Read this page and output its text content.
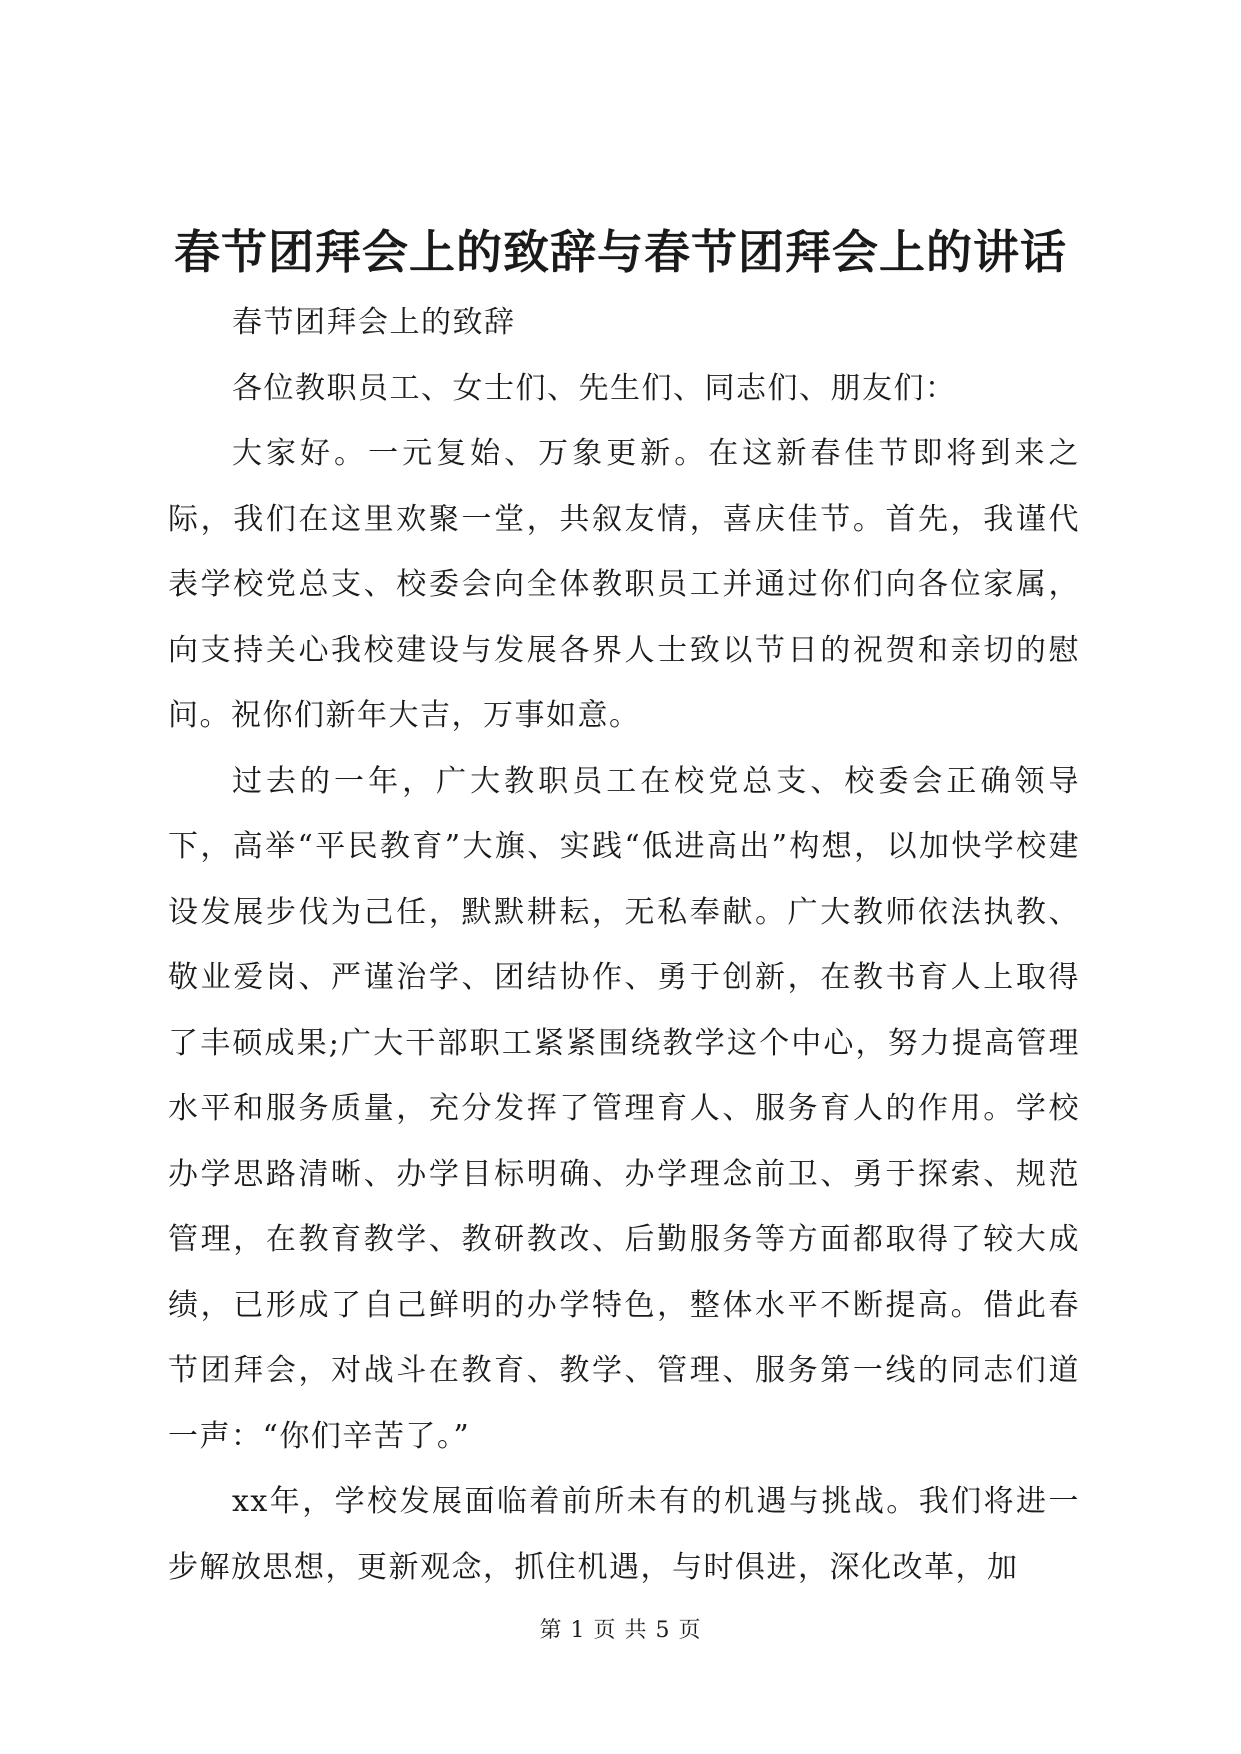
春节团拜会上的致辞与春节团拜会上的讲话

春节团拜会上的致辞

各位教职员工、女士们、先生们、同志们、朋友们：

大家好。一元复始、万象更新。在这新春佳节即将到来之际，我们在这里欢聚一堂，共叙友情，喜庆佳节。首先，我谨代表学校党总支、校委会向全体教职员工并通过你们向各位家属，向支持关心我校建设与发展各界人士致以节日的祝贺和亲切的慰问。祝你们新年大吉，万事如意。

过去的一年，广大教职员工在校党总支、校委会正确领导下，高举“平民教育”大旗、实践“低进高出”构想，以加快学校建设发展步伐为己任，默默耕耘，无私奉献。广大教师依法执教、敬业爱岗、严谨治学、团结协作、勇于创新，在教书育人上取得了丰硕成果;广大干部职工紧紧围绕教学这个中心，努力提高管理水平和服务质量，充分发挥了管理育人、服务育人的作用。学校办学思路清晰、办学目标明确、办学理念前卫、勇于探索、规范管理，在教育教学、教研教改、后勤服务等方面都取得了较大成绩，已形成了自己鲜明的办学特色，整体水平不断提高。借此春节团拜会，对战斗在教育、教学、管理、服务第一线的同志们道一声：“你们辛苦了。”

xx年，学校发展面临着前所未有的机遇与挑战。我们将进一步解放思想，更新观念，抓住机遇，与时俱进，深化改革，加

第 1 页 共 5 页
